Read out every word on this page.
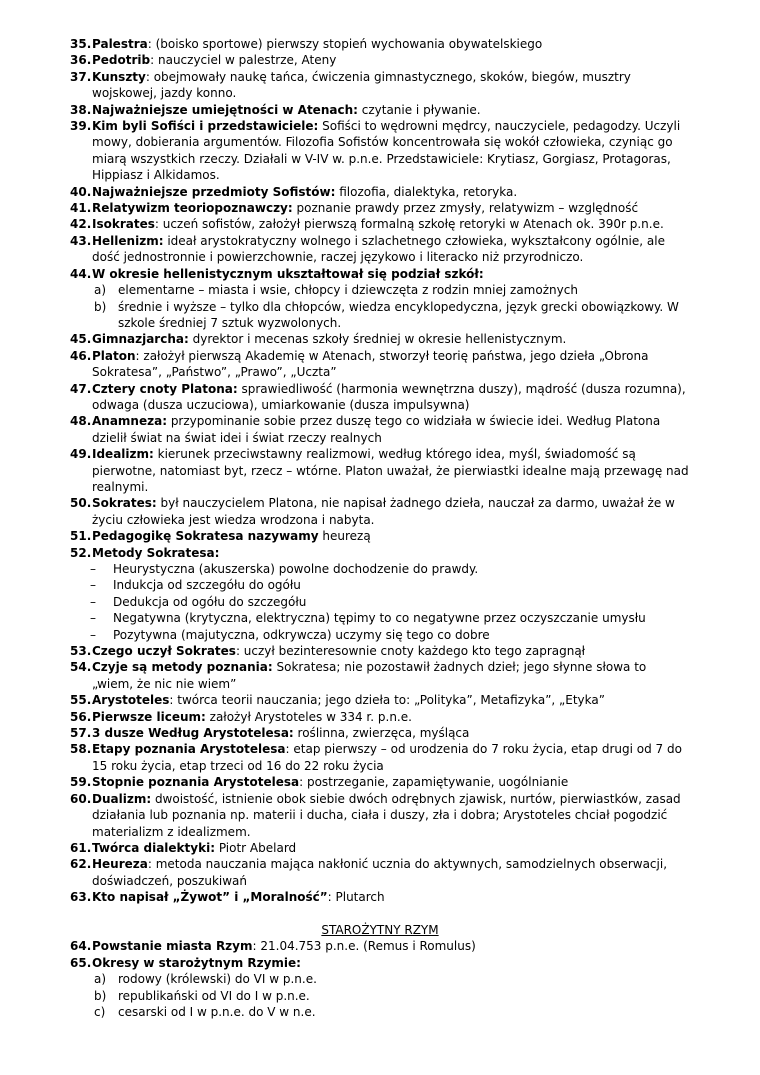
35. Palestra: (boisko sportowe) pierwszy stopień wychowania obywatelskiego
36. Pedotrib: nauczyciel w palestrze, Ateny
37. Kunszty: obejmowały naukę tańca, ćwiczenia gimnastycznego, skoków, biegów, musztry wojskowej, jazdy konno.
38. Najważniejsze umiejętności w Atenach: czytanie i pływanie.
39. Kim byli Sofiści i przedstawiciele: Sofiści to wędrowni mędrcy, nauczyciele, pedagodzy. Uczyli mowy, dobierania argumentów. Filozofia Sofistów koncentrowała się wokół człowieka, czyniąc go miarą wszystkich rzeczy. Działali w V-IV w. p.n.e. Przedstawiciele: Krytiasz, Gorgiasz, Protagoras, Hippiasz i Alkidamos.
40. Najważniejsze przedmioty Sofistów: filozofia, dialektyka, retoryka.
41. Relatywizm teoriopoznawczy: poznanie prawdy przez zmysły, relatywizm – względność
42. Isokrates: uczeń sofistów, założył pierwszą formalną szkołę retoryki w Atenach ok. 390r p.n.e.
43. Hellenizm: ideał arystokratyczny wolnego i szlachetnego człowieka, wykształcony ogólnie, ale dość jednostronnie i powierzchownie, raczej językowo i literacko niż przyrodniczo.
44. W okresie hellenistycznym ukształtował się podział szkół:
a) elementarne – miasta i wsie, chłopcy i dziewczęta z rodzin mniej zamożnych
b) średnie i wyższe – tylko dla chłopców, wiedza encyklopedyczna, język grecki obowiązkowy. W szkole średniej 7 sztuk wyzwolonych.
45. Gimnazjarcha: dyrektor i mecenas szkoły średniej w okresie hellenistycznym.
46. Platon: założył pierwszą Akademię w Atenach, stworzył teorię państwa, jego dzieła „Obrona Sokratesa”, „Państwo”, „Prawo”, „Uczta”
47. Cztery cnoty Platona: sprawiedliwość (harmonia wewnętrzna duszy), mądrość (dusza rozumna), odwaga (dusza uczuciowa), umiarkowanie (dusza impulsywna)
48. Anamneza: przypominanie sobie przez duszę tego co widziała w świecie idei. Według Platona dzielił świat na świat idei i świat rzeczy realnych
49. Idealizm: kierunek przeciwstawny realizmowi, według którego idea, myśl, świadomość są pierwotne, natomiast byt, rzecz – wtórne. Platon uważał, że pierwiastki idealne mają przewagę nad realnymi.
50. Sokrates: był nauczycielem Platona, nie napisał żadnego dzieła, nauczał za darmo, uważał że w życiu człowieka jest wiedza wrodzona i nabyta.
51. Pedagogikę Sokratesa nazywamy heurezą
52. Metody Sokratesa:
– Heurystyczna (akuszerska) powolne dochodzenie do prawdy.
– Indukcja od szczegółu do ogółu
– Dedukcja od ogółu do szczegółu
– Negatywna (krytyczna, elektryczna) tępimy to co negatywne przez oczyszczanie umysłu
– Pozytywna (majutyczna, odkrywcza) uczymy się tego co dobre
53. Czego uczył Sokrates: uczył bezinteresownie cnoty każdego kto tego zapragnął
54. Czyje są metody poznania: Sokratesa; nie pozostawił żadnych dzieł; jego słynne słowa to „wiem, że nic nie wiem”
55. Arystoteles: twórca teorii nauczania; jego dzieła to: „Polityka”, Metafizyka”, „Etyka”
56. Pierwsze liceum: założył Arystoteles w 334 r. p.n.e.
57. 3 dusze Według Arystotelesa: roślinna, zwierzęca, myśląca
58. Etapy poznania Arystotelesa: etap pierwszy – od urodzenia do 7 roku życia, etap drugi od 7 do 15 roku życia, etap trzeci od 16 do 22 roku życia
59. Stopnie poznania Arystotelesa: postrzeganie, zapamiętywanie, uogólnianie
60. Dualizm: dwoistość, istnienie obok siebie dwóch odrębnych zjawisk, nurtów, pierwiastków, zasad działania lub poznania np. materii i ducha, ciała i duszy, zła i dobra; Arystoteles chciał pogodzić materializm z idealizmem.
61. Twórca dialektyki: Piotr Abelard
62. Heureza: metoda nauczania mająca nakłonić ucznia do aktywnych, samodzielnych obserwacji, doświadczeń, poszukiwań
63. Kto napisał „Żywot” i „Moralność”: Plutarch
STAROŻYTNY RZYM
64. Powstanie miasta Rzym: 21.04.753 p.n.e. (Remus i Romulus)
65. Okresy w starożytnym Rzymie:
a) rodowy (królewski) do VI w p.n.e.
b) republikański od VI do I w p.n.e.
c) cesarski od I w p.n.e. do V w n.e.
